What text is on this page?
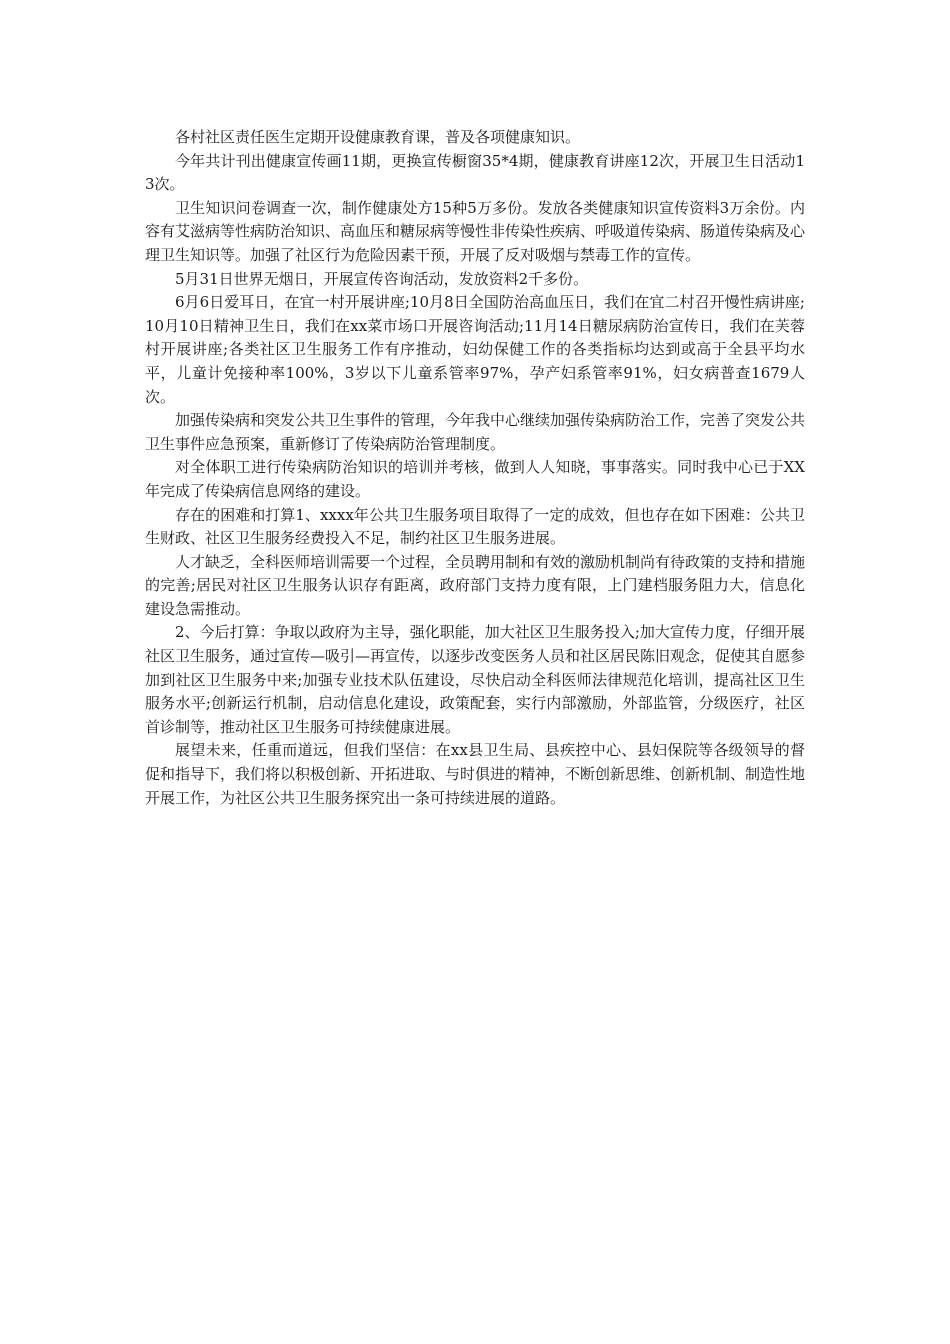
各村社区责任医生定期开设健康教育课，普及各项健康知识。

今年共计刊出健康宣传画11期，更换宣传橱窗35*4期，健康教育讲座12次，开展卫生日活动13次。

卫生知识问卷调查一次，制作健康处方15种5万多份。发放各类健康知识宣传资料3万余份。内容有艾滋病等性病防治知识、高血压和糖尿病等慢性非传染性疾病、呼吸道传染病、肠道传染病及心理卫生知识等。加强了社区行为危险因素干预，开展了反对吸烟与禁毒工作的宣传。

5月31日世界无烟日，开展宣传咨询活动，发放资料2千多份。

6月6日爱耳日，在宜一村开展讲座;10月8日全国防治高血压日，我们在宜二村召开慢性病讲座;10月10日精神卫生日，我们在xx菜市场口开展咨询活动;11月14日糖尿病防治宣传日，我们在芙蓉村开展讲座;各类社区卫生服务工作有序推动，妇幼保健工作的各类指标均达到或高于全县平均水平，儿童计免接种率100%，3岁以下儿童系管率97%，孕产妇系管率91%，妇女病普查1679人次。

加强传染病和突发公共卫生事件的管理，今年我中心继续加强传染病防治工作，完善了突发公共卫生事件应急预案，重新修订了传染病防治管理制度。

对全体职工进行传染病防治知识的培训并考核，做到人人知晓，事事落实。同时我中心已于XX年完成了传染病信息网络的建设。

存在的困难和打算1、xxxx年公共卫生服务项目取得了一定的成效，但也存在如下困难：公共卫生财政、社区卫生服务经费投入不足，制约社区卫生服务进展。

人才缺乏，全科医师培训需要一个过程，全员聘用制和有效的激励机制尚有待政策的支持和措施的完善;居民对社区卫生服务认识存有距离，政府部门支持力度有限，上门建档服务阻力大，信息化建设急需推动。

2、今后打算：争取以政府为主导，强化职能，加大社区卫生服务投入;加大宣传力度，仔细开展社区卫生服务，通过宣传—吸引—再宣传，以逐步改变医务人员和社区居民陈旧观念，促使其自愿参加到社区卫生服务中来;加强专业技术队伍建设，尽快启动全科医师法律规范化培训，提高社区卫生服务水平;创新运行机制，启动信息化建设，政策配套，实行内部激励，外部监管，分级医疗，社区首诊制等，推动社区卫生服务可持续健康进展。

展望未来，任重而道远，但我们坚信：在xx县卫生局、县疾控中心、县妇保院等各级领导的督促和指导下，我们将以积极创新、开拓进取、与时俱进的精神，不断创新思维、创新机制、制造性地开展工作，为社区公共卫生服务探究出一条可持续进展的道路。
